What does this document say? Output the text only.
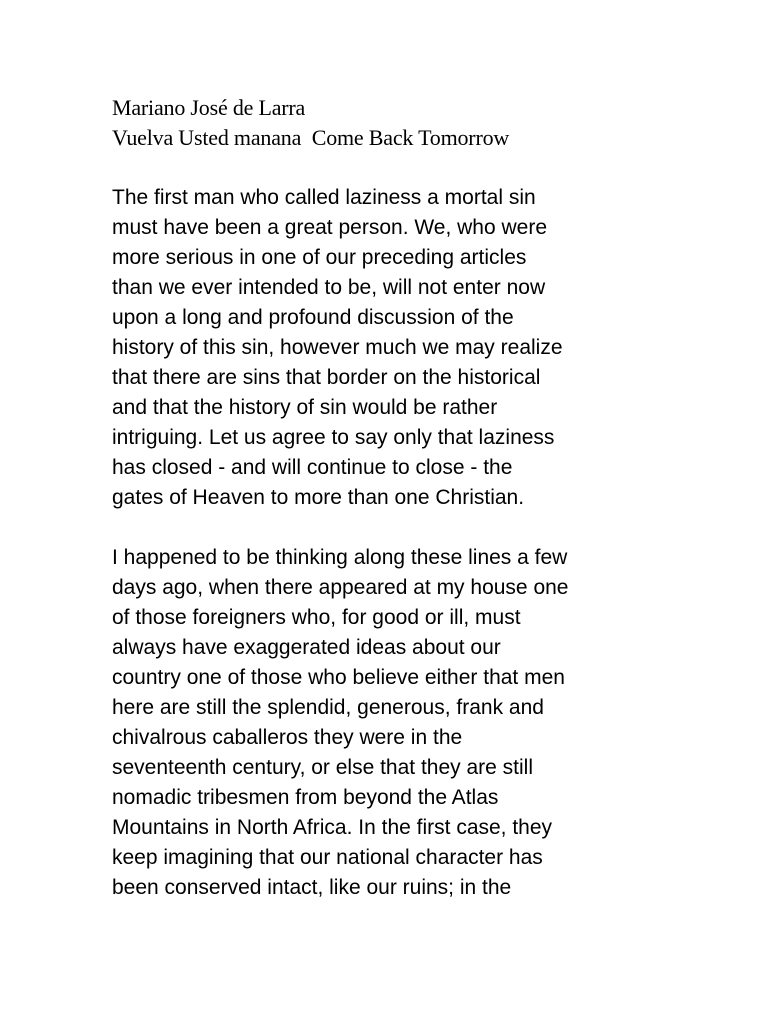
Mariano José de Larra
Vuelva Usted manana  Come Back Tomorrow

The first man who called laziness a mortal sin
must have been a great person. We, who were
more serious in one of our preceding articles
than we ever intended to be, will not enter now
upon a long and profound discussion of the
history of this sin, however much we may realize
that there are sins that border on the historical
and that the history of sin would be rather
intriguing. Let us agree to say only that laziness
has closed - and will continue to close - the
gates of Heaven to more than one Christian.

I happened to be thinking along these lines a few
days ago, when there appeared at my house one
of those foreigners who, for good or ill, must
always have exaggerated ideas about our
country one of those who believe either that men
here are still the splendid, generous, frank and
chivalrous caballeros they were in the
seventeenth century, or else that they are still
nomadic tribesmen from beyond the Atlas
Mountains in North Africa. In the first case, they
keep imagining that our national character has
been conserved intact, like our ruins; in the
